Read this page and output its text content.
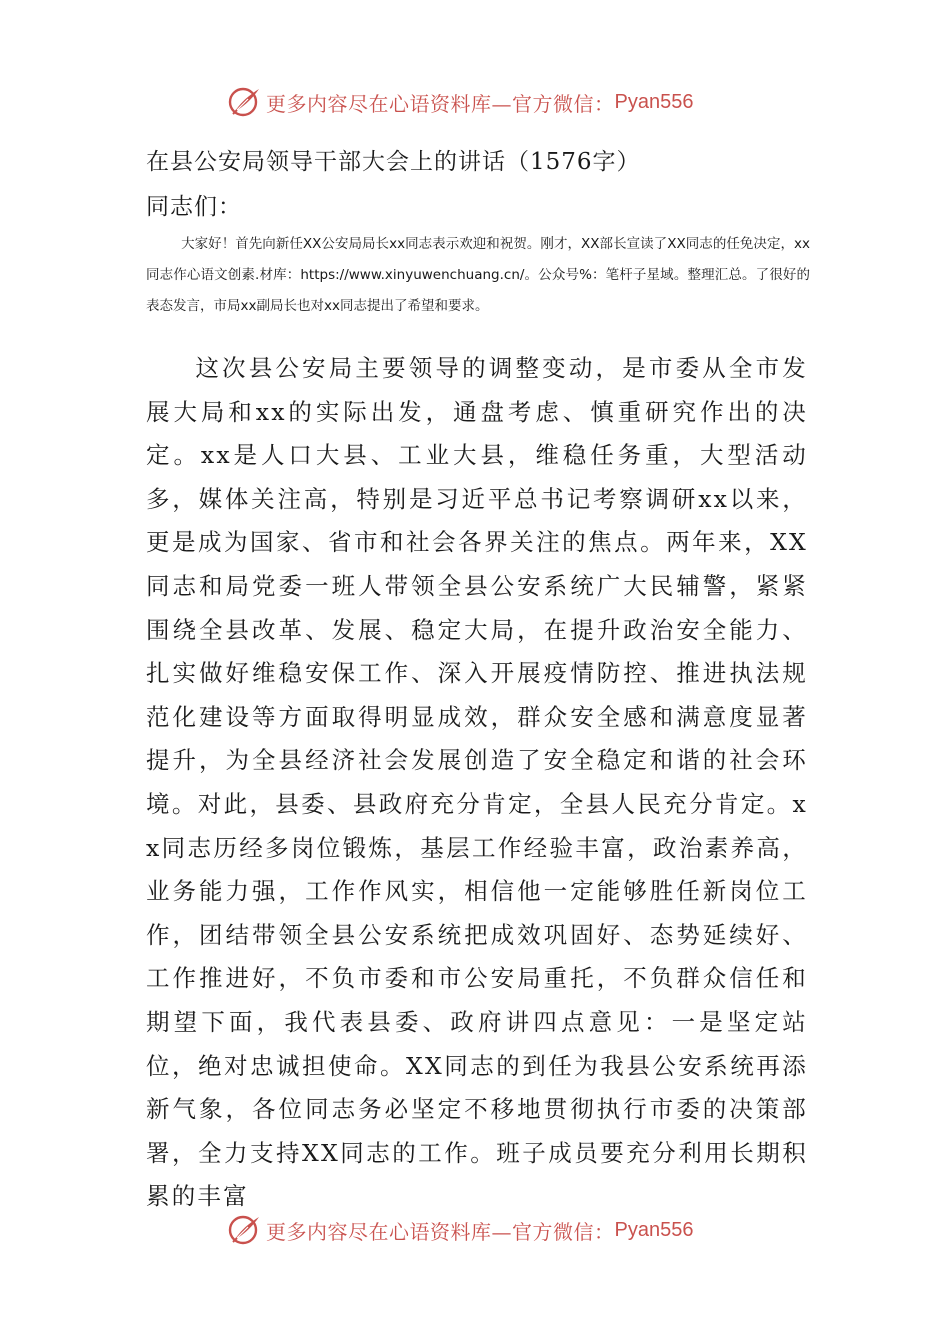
更多内容尽在心语资料库—官方微信： Pyan556
在县公安局领导干部大会上的讲话（1576字）
同志们：
大家好！首先向新任XX公安局局长xx同志表示欢迎和祝贺。刚才，XX部长宣读了XX同志的任免决定，xx同志作心语文创素.材库：https://www.xinyuwenchuang.cn/。公众号%：笔杆子星域。整理汇总。了很好的表态发言，市局xx副局长也对xx同志提出了希望和要求。
这次县公安局主要领导的调整变动，是市委从全市发展大局和xx的实际出发，通盘考虑、慎重研究作出的决定。xx是人口大县、工业大县，维稳任务重，大型活动多，媒体关注高，特别是习近平总书记考察调研xx以来，更是成为国家、省市和社会各界关注的焦点。两年来，XX同志和局党委一班人带领全县公安系统广大民辅警，紧紧围绕全县改革、发展、稳定大局，在提升政治安全能力、扎实做好维稳安保工作、深入开展疫情防控、推进执法规范化建设等方面取得明显成效，群众安全感和满意度显著提升，为全县经济社会发展创造了安全稳定和谐的社会环境。对此，县委、县政府充分肯定，全县人民充分肯定。xx同志历经多岗位锻炼，基层工作经验丰富，政治素养高，业务能力强，工作作风实，相信他一定能够胜任新岗位工作，团结带领全县公安系统把成效巩固好、态势延续好、工作推进好，不负市委和市公安局重托，不负群众信任和期望下面，我代表县委、政府讲四点意见：一是坚定站位，绝对忠诚担使命。XX同志的到任为我县公安系统再添新气象，各位同志务必坚定不移地贯彻执行市委的决策部署，全力支持XX同志的工作。班子成员要充分利用长期积累的丰富
更多内容尽在心语资料库—官方微信： Pyan556
